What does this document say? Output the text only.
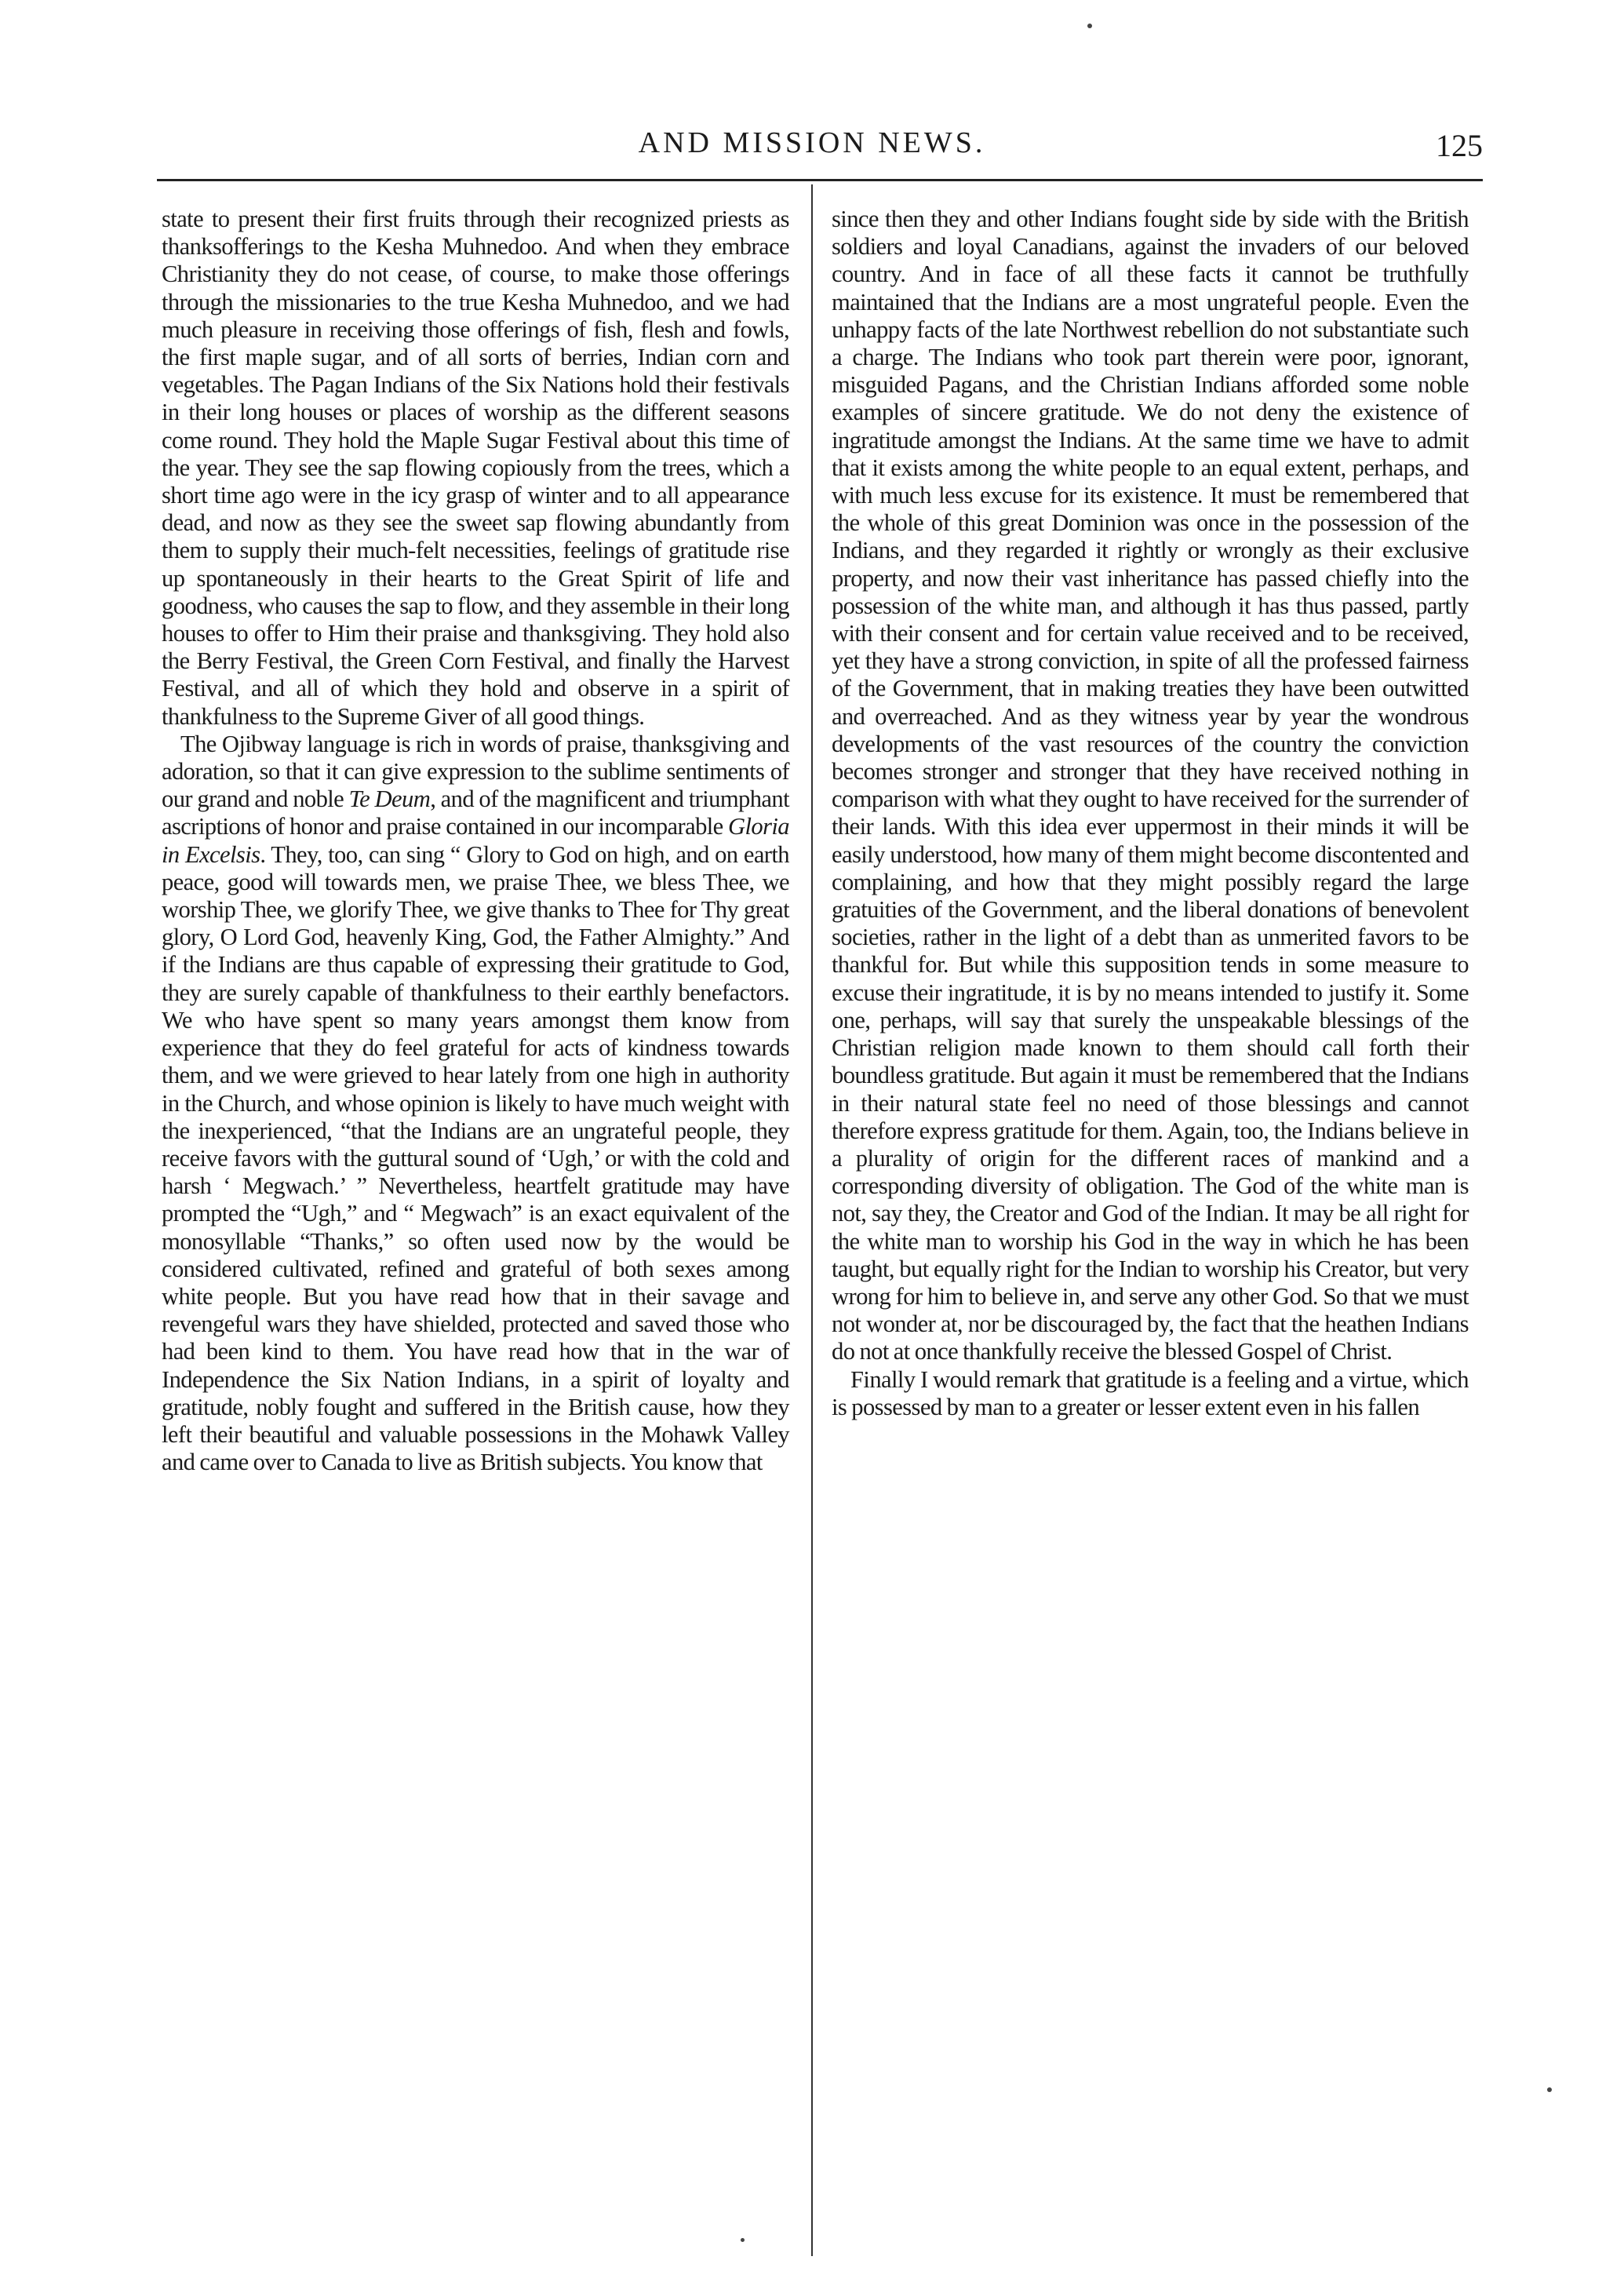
AND MISSION NEWS.	125

state to present their first fruits through their recognized priests as thanksofferings to the Kesha Muhnedoo. And when they embrace Christianity they do not cease, of course, to make those offerings through the missionaries to the true Kesha Muhnedoo, and we had much pleasure in receiving those offerings of fish, flesh and fowls, the first maple sugar, and of all sorts of berries, Indian corn and vegetables. The Pagan Indians of the Six Nations hold their festivals in their long houses or places of worship as the different seasons come round. They hold the Maple Sugar Festival about this time of the year. They see the sap flowing copiously from the trees, which a short time ago were in the icy grasp of winter and to all appearance dead, and now as they see the sweet sap flowing abundantly from them to supply their much-felt necessities, feelings of gratitude rise up spontaneously in their hearts to the Great Spirit of life and goodness, who causes the sap to flow, and they assemble in their long houses to offer to Him their praise and thanksgiving. They hold also the Berry Festival, the Green Corn Festival, and finally the Harvest Festival, and all of which they hold and observe in a spirit of thankfulness to the Supreme Giver of all good things.

The Ojibway language is rich in words of praise, thanksgiving and adoration, so that it can give expression to the sublime sentiments of our grand and noble Te Deum, and of the magnificent and triumphant ascriptions of honor and praise contained in our incomparable Gloria in Excelsis. They, too, can sing “ Glory to God on high, and on earth peace, good will towards men, we praise Thee, we bless Thee, we worship Thee, we glorify Thee, we give thanks to Thee for Thy great glory, O Lord God, heavenly King, God, the Father Almighty.” And if the Indians are thus capable of expressing their gratitude to God, they are surely capable of thankfulness to their earthly benefactors. We who have spent so many years amongst them know from experience that they do feel grateful for acts of kindness towards them, and we were grieved to hear lately from one high in authority in the Church, and whose opinion is likely to have much weight with the inexperienced, “that the Indians are an ungrateful people, they receive favors with the guttural sound of ‘Ugh,’ or with the cold and harsh ‘ Megwach.’ ” Nevertheless, heartfelt gratitude may have prompted the “Ugh,” and “ Megwach” is an exact equivalent of the monosyllable “Thanks,” so often used now by the would be considered cultivated, refined and grateful of both sexes among white people. But you have read how that in their savage and revengeful wars they have shielded, protected and saved those who had been kind to them. You have read how that in the war of Independence the Six Nation Indians, in a spirit of loyalty and gratitude, nobly fought and suffered in the British cause, how they left their beautiful and valuable possessions in the Mohawk Valley and came over to Canada to live as British subjects. You know that

since then they and other Indians fought side by side with the British soldiers and loyal Canadians, against the invaders of our beloved country. And in face of all these facts it cannot be truthfully maintained that the Indians are a most ungrateful people. Even the unhappy facts of the late Northwest rebellion do not substantiate such a charge. The Indians who took part therein were poor, ignorant, misguided Pagans, and the Christian Indians afforded some noble examples of sincere gratitude. We do not deny the existence of ingratitude amongst the Indians. At the same time we have to admit that it exists among the white people to an equal extent, perhaps, and with much less excuse for its existence. It must be remembered that the whole of this great Dominion was once in the possession of the Indians, and they regarded it rightly or wrongly as their exclusive property, and now their vast inheritance has passed chiefly into the possession of the white man, and although it has thus passed, partly with their consent and for certain value received and to be received, yet they have a strong conviction, in spite of all the professed fairness of the Government, that in making treaties they have been outwitted and overreached. And as they witness year by year the wondrous developments of the vast resources of the country the conviction becomes stronger and stronger that they have received nothing in comparison with what they ought to have received for the surrender of their lands. With this idea ever uppermost in their minds it will be easily understood, how many of them might become discontented and complaining, and how that they might possibly regard the large gratuities of the Government, and the liberal donations of benevolent societies, rather in the light of a debt than as unmerited favors to be thankful for. But while this supposition tends in some measure to excuse their ingratitude, it is by no means intended to justify it. Some one, perhaps, will say that surely the unspeakable blessings of the Christian religion made known to them should call forth their boundless gratitude. But again it must be remembered that the Indians in their natural state feel no need of those blessings and cannot therefore express gratitude for them. Again, too, the Indians believe in a plurality of origin for the different races of mankind and a corresponding diversity of obligation. The God of the white man is not, say they, the Creator and God of the Indian. It may be all right for the white man to worship his God in the way in which he has been taught, but equally right for the Indian to worship his Creator, but very wrong for him to believe in, and serve any other God. So that we must not wonder at, nor be discouraged by, the fact that the heathen Indians do not at once thankfully receive the blessed Gospel of Christ.

Finally I would remark that gratitude is a feeling and a virtue, which is possessed by man to a greater or lesser extent even in his fallen
